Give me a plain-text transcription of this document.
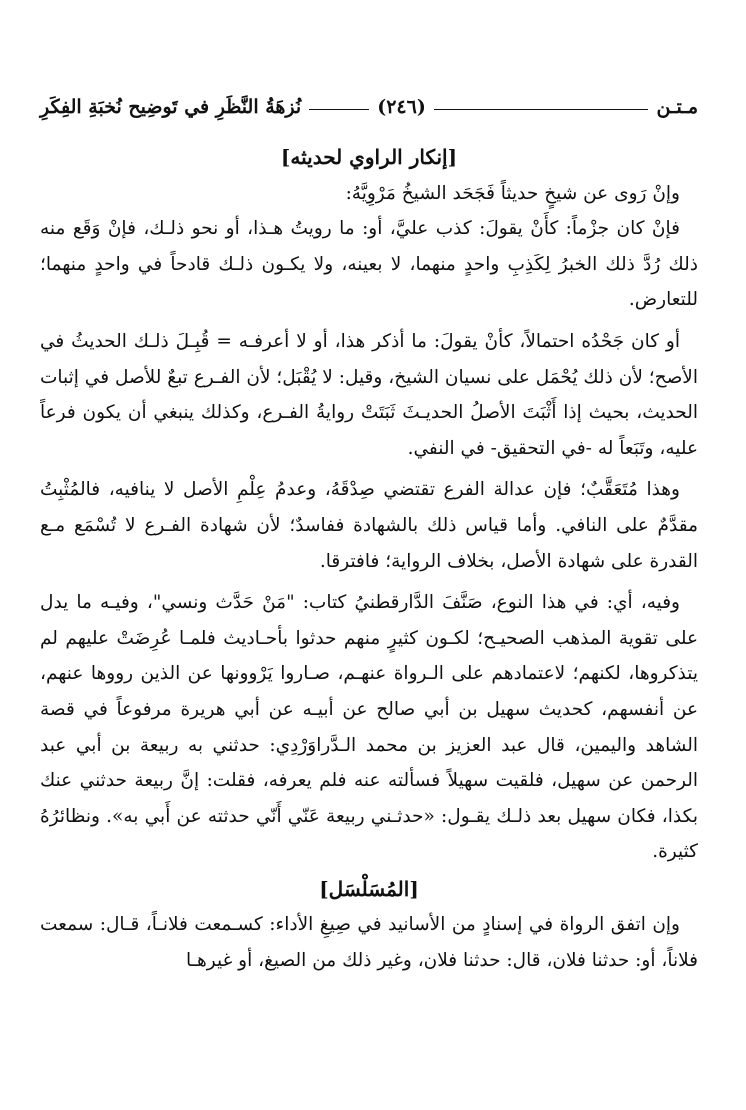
مـتـن
(٢٤٦)
نُزهَةُ النَّظَرِ في تَوضِيح نُخبَةِ الفِكَرِ
[إنكار الراوي لحديثه]

وإنْ رَوى عن شيخٍ حديثاً فَجَحَد الشيخُ مَرْوِيَّهُ:

فإنْ كان جزْماً: كأَنْ يقولَ: كذب عليَّ، أو: ما رويتُ هـذا، أو نحو ذلـك، فإنْ وَقَع منه ذلك رُدَّ ذلك الخبرُ لِكَذِبِ واحدٍ منهما، لا بعينه، ولا يكـون ذلـك قادحاً في واحدٍ منهما؛ للتعارض.

أو كان جَحْدُه احتمالاً، كأنْ يقولَ: ما أذكر هذا، أو لا أعرفـه = قُبِـلَ ذلـك الحديثُ في الأصح؛ لأن ذلك يُحْمَل على نسيان الشيخ، وقيل: لا يُقْبَل؛ لأن الفـرع تبعٌ للأصل في إثبات الحديث، بحيث إذا أَثْبَتَ الأصلُ الحديـثَ ثَبَتَتْ روايةُ الفـرع، وكذلك ينبغي أن يكون فرعاً عليه، وتَبَعاً له -في التحقيق- في النفي.

وهذا مُتَعَقَّبٌ؛ فإن عدالة الفرع تقتضي صِدْقَهُ، وعدمُ عِلْمِ الأصل لا ينافيه، فالمُثْبِتُ مقدَّمٌ على النافي. وأما قياس ذلك بالشهادة ففاسدٌ؛ لأن شهادة الفـرع لا تُسْمَع مـع القدرة على شهادة الأصل، بخلاف الرواية؛ فافترقا.

وفيه، أي: في هذا النوع، صَنَّفَ الدَّارقطنيُ كتاب: "مَنْ حَدَّث ونسي"، وفيـه ما يدل على تقوية المذهب الصحيـح؛ لكـون كثيرٍ منهم حدثوا بأحـاديث فلمـا عُرِضَتْ عليهم لم يتذكروها، لكنهم؛ لاعتمادهم على الـرواة عنهـم، صـاروا يَرْوونها عن الذين رووها عنهم، عن أنفسهم، كحديث سهيل بن أبي صالح عن أبيـه عن أبي هريرة مرفوعاً في قصة الشاهد واليمين، قال عبد العزيز بن محمد الـدَّراوَرْدِي: حدثني به ربيعة بن أبي عبد الرحمن عن سهيل، فلقيت سهيلاً فسألته عنه فلم يعرفه، فقلت: إنَّ ربيعة حدثني عنك بكذا، فكان سهيل بعد ذلـك يقـول: «حدثـني ربيعة عَنّي أَنّي حدثته عن أَبي به». ونظائرُهُ كثيرة.

[المُسَلْسَل]

وإن اتفق الرواة في إسنادٍ من الأسانيد في صِيغِ الأداء: كسـمعت فلانـاً، قـال: سمعت فلاناً، أو: حدثنا فلان، قال: حدثنا فلان، وغير ذلك من الصيغ، أو غيرهـا
